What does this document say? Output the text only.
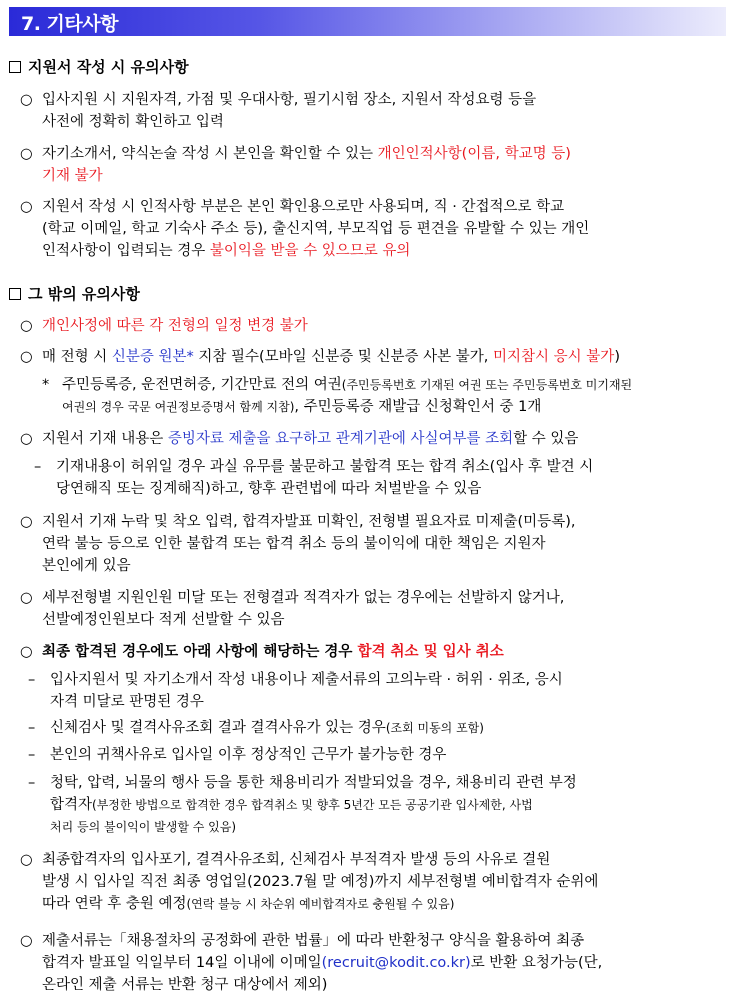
7. 기타사항
지원서 작성 시 유의사항
○ 입사지원 시 지원자격, 가점 및 우대사항, 필기시험 장소, 지원서 작성요령 등을
사전에 정확히 확인하고 입력
○ 자기소개서, 약식논술 작성 시 본인을 확인할 수 있는 개인인적사항(이름, 학교명 등)
기재 불가
○ 지원서 작성 시 인적사항 부분은 본인 확인용으로만 사용되며, 직 · 간접적으로 학교
(학교 이메일, 학교 기숙사 주소 등), 출신지역, 부모직업 등 편견을 유발할 수 있는 개인
인적사항이 입력되는 경우 불이익을 받을 수 있으므로 유의
그 밖의 유의사항
○ 개인사정에 따른 각 전형의 일정 변경 불가
○ 매 전형 시 신분증 원본* 지참 필수(모바일 신분증 및 신분증 사본 불가, 미지참시 응시 불가)
* 주민등록증, 운전면허증, 기간만료 전의 여권(주민등록번호 기재된 여권 또는 주민등록번호 미기재된
여권의 경우 국문 여권정보증명서 함께 지참), 주민등록증 재발급 신청확인서 중 1개
○ 지원서 기재 내용은 증빙자료 제출을 요구하고 관계기관에 사실여부를 조회할 수 있음
– 기재내용이 허위일 경우 과실 유무를 불문하고 불합격 또는 합격 취소(입사 후 발견 시
당연해직 또는 징계해직)하고, 향후 관련법에 따라 처벌받을 수 있음
○ 지원서 기재 누락 및 착오 입력, 합격자발표 미확인, 전형별 필요자료 미제출(미등록),
연락 불능 등으로 인한 불합격 또는 합격 취소 등의 불이익에 대한 책임은 지원자
본인에게 있음
○ 세부전형별 지원인원 미달 또는 전형결과 적격자가 없는 경우에는 선발하지 않거나,
선발예정인원보다 적게 선발할 수 있음
○ 최종 합격된 경우에도 아래 사항에 해당하는 경우 합격 취소 및 입사 취소
– 입사지원서 및 자기소개서 작성 내용이나 제출서류의 고의누락 · 허위 · 위조, 응시
자격 미달로 판명된 경우
– 신체검사 및 결격사유조회 결과 결격사유가 있는 경우(조회 미동의 포함)
– 본인의 귀책사유로 입사일 이후 정상적인 근무가 불가능한 경우
– 청탁, 압력, 뇌물의 행사 등을 통한 채용비리가 적발되었을 경우, 채용비리 관련 부정
합격자(부정한 방법으로 합격한 경우 합격취소 및 향후 5년간 모든 공공기관 입사제한, 사법
처리 등의 불이익이 발생할 수 있음)
○ 최종합격자의 입사포기, 결격사유조회, 신체검사 부적격자 발생 등의 사유로 결원
발생 시 입사일 직전 최종 영업일(2023.7월 말 예정)까지 세부전형별 예비합격자 순위에
따라 연락 후 충원 예정(연락 불능 시 차순위 예비합격자로 충원될 수 있음)
○ 제출서류는「채용절차의 공정화에 관한 법률」에 따라 반환청구 양식을 활용하여 최종
합격자 발표일 익일부터 14일 이내에 이메일(recruit@kodit.co.kr)로 반환 요청가능(단,
온라인 제출 서류는 반환 청구 대상에서 제외)
